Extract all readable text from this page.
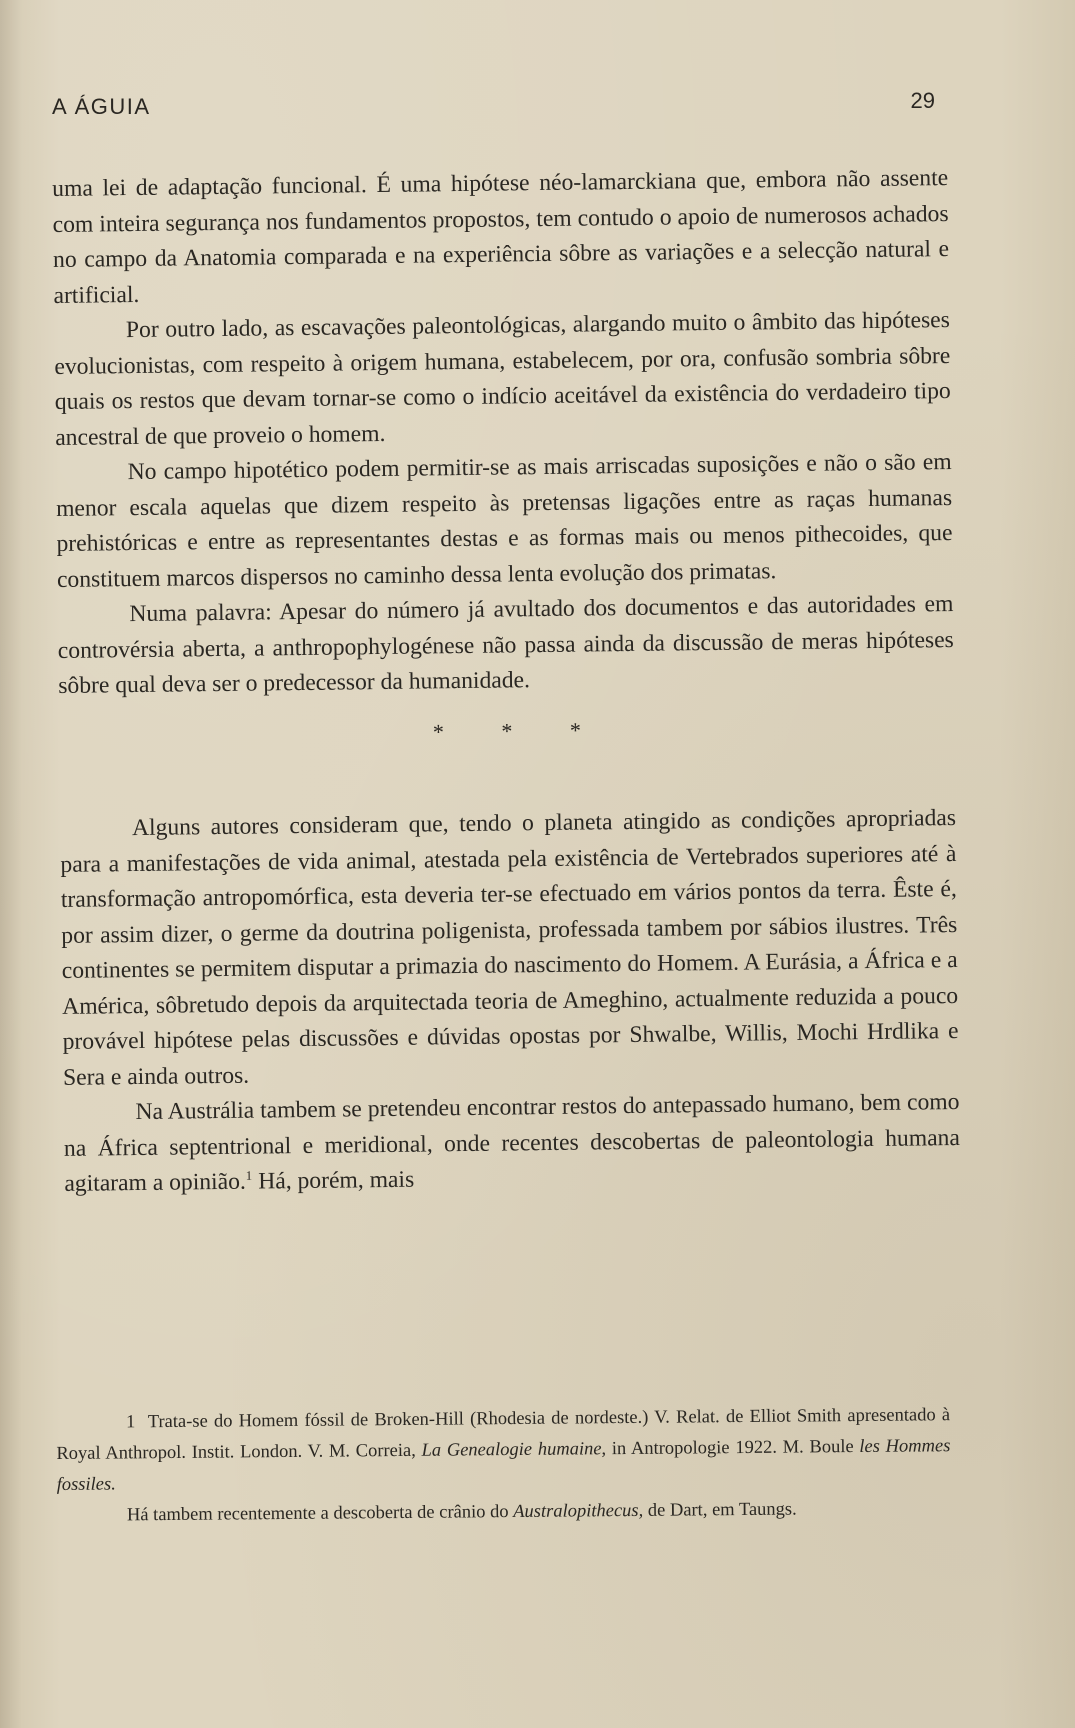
A ÁGUIA	29

uma lei de adaptação funcional. É uma hipótese néo-lamarckiana que, embora não assente com inteira segurança nos fundamentos propostos, tem contudo o apoio de numerosos achados no campo da Anatomia comparada e na experiência sôbre as variações e a selecção natural e artificial.

Por outro lado, as escavações paleontológicas, alargando muito o âmbito das hipóteses evolucionistas, com respeito à origem humana, estabelecem, por ora, confusão sombria sôbre quais os restos que devam tornar-se como o indício aceitável da existência do verdadeiro tipo ancestral de que proveio o homem.

No campo hipotético podem permitir-se as mais arriscadas suposições e não o são em menor escala aquelas que dizem respeito às pretensas ligações entre as raças humanas prehistóricas e entre as representantes destas e as formas mais ou menos pithecoides, que constituem marcos dispersos no caminho dessa lenta evolução dos primatas.

Numa palavra: Apesar do número já avultado dos documentos e das autoridades em controvérsia aberta, a anthropophylogénese não passa ainda da discussão de meras hipóteses sôbre qual deva ser o predecessor da humanidade.

* * *

Alguns autores consideram que, tendo o planeta atingido as condições apropriadas para a manifestações de vida animal, atestada pela existência de Vertebrados superiores até à transformação antropomórfica, esta deveria ter-se efectuado em vários pontos da terra. Êste é, por assim dizer, o germe da doutrina poligenista, professada tambem por sábios ilustres. Três continentes se permitem disputar a primazia do nascimento do Homem. A Eurásia, a África e a América, sôbretudo depois da arquitectada teoria de Ameghino, actualmente reduzida a pouco provável hipótese pelas discussões e dúvidas opostas por Shwalbe, Willis, Mochi Hrdlika e Sera e ainda outros.

Na Austrália tambem se pretendeu encontrar restos do antepassado humano, bem como na África septentrional e meridional, onde recentes descobertas de paleontologia humana agitaram a opinião.$^1$ Há, porém, mais

1 Trata-se do Homem fóssil de Broken-Hill (Rhodesia de nordeste.) V. Relat. de Elliot Smith apresentado à Royal Anthropol. Instit. London. V. M. Correia, La Genealogie humaine, in Antropologie 1922. M. Boule les Hommes fossiles.

Há tambem recentemente a descoberta de crânio do Australopithecus, de Dart, em Taungs.
